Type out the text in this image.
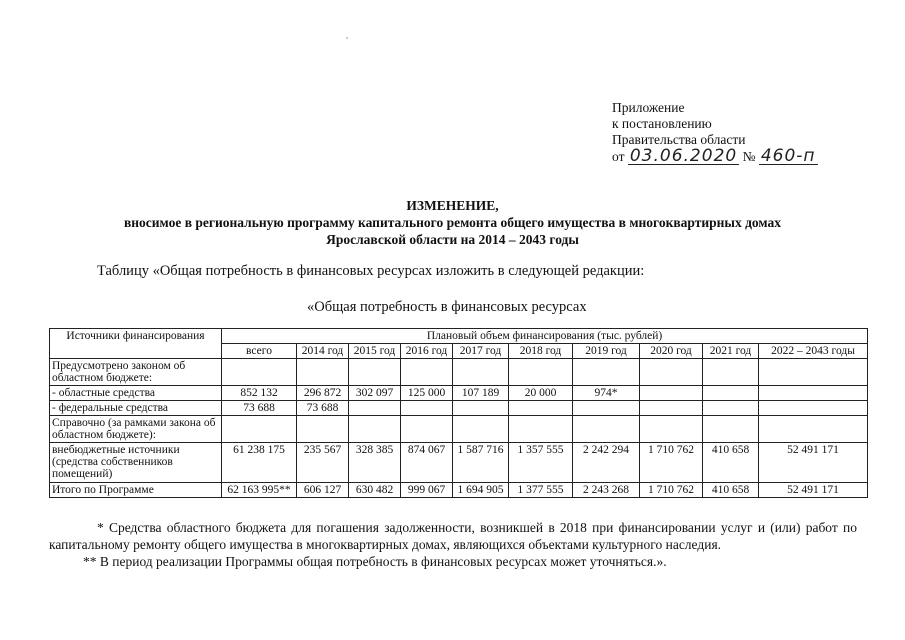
Приложение
к постановлению
Правительства области
от 03.06.2020 № 460-п
ИЗМЕНЕНИЕ,
вносимое в региональную программу капитального ремонта общего имущества в многоквартирных домах
Ярославской области на 2014 – 2043 годы
Таблицу «Общая потребность в финансовых ресурсах изложить в следующей редакции:
«Общая потребность в финансовых ресурсах
Источники финансирования	Плановый объем финансирования (тыс. рублей)									
	всего	2014 год	2015 год	2016 год	2017 год	2018 год	2019 год	2020 год	2021 год	2022 – 2043 годы
Предусмотрено законом об областном бюджете:										
- областные средства	852 132	296 872	302 097	125 000	107 189	20 000	974*			
- федеральные средства	73 688	73 688								
Справочно (за рамками закона об областном бюджете):										
внебюджетные источники (средства собственников помещений)	61 238 175	235 567	328 385	874 067	1 587 716	1 357 555	2 242 294	1 710 762	410 658	52 491 171
Итого по Программе	62 163 995**	606 127	630 482	999 067	1 694 905	1 377 555	2 243 268	1 710 762	410 658	52 491 171

* Средства областного бюджета для погашения задолженности, возникшей в 2018 при финансировании услуг и (или) работ по капитальному ремонту общего имущества в многоквартирных домах, являющихся объектами культурного наследия.

** В период реализации Программы общая потребность в финансовых ресурсах может уточняться.».
